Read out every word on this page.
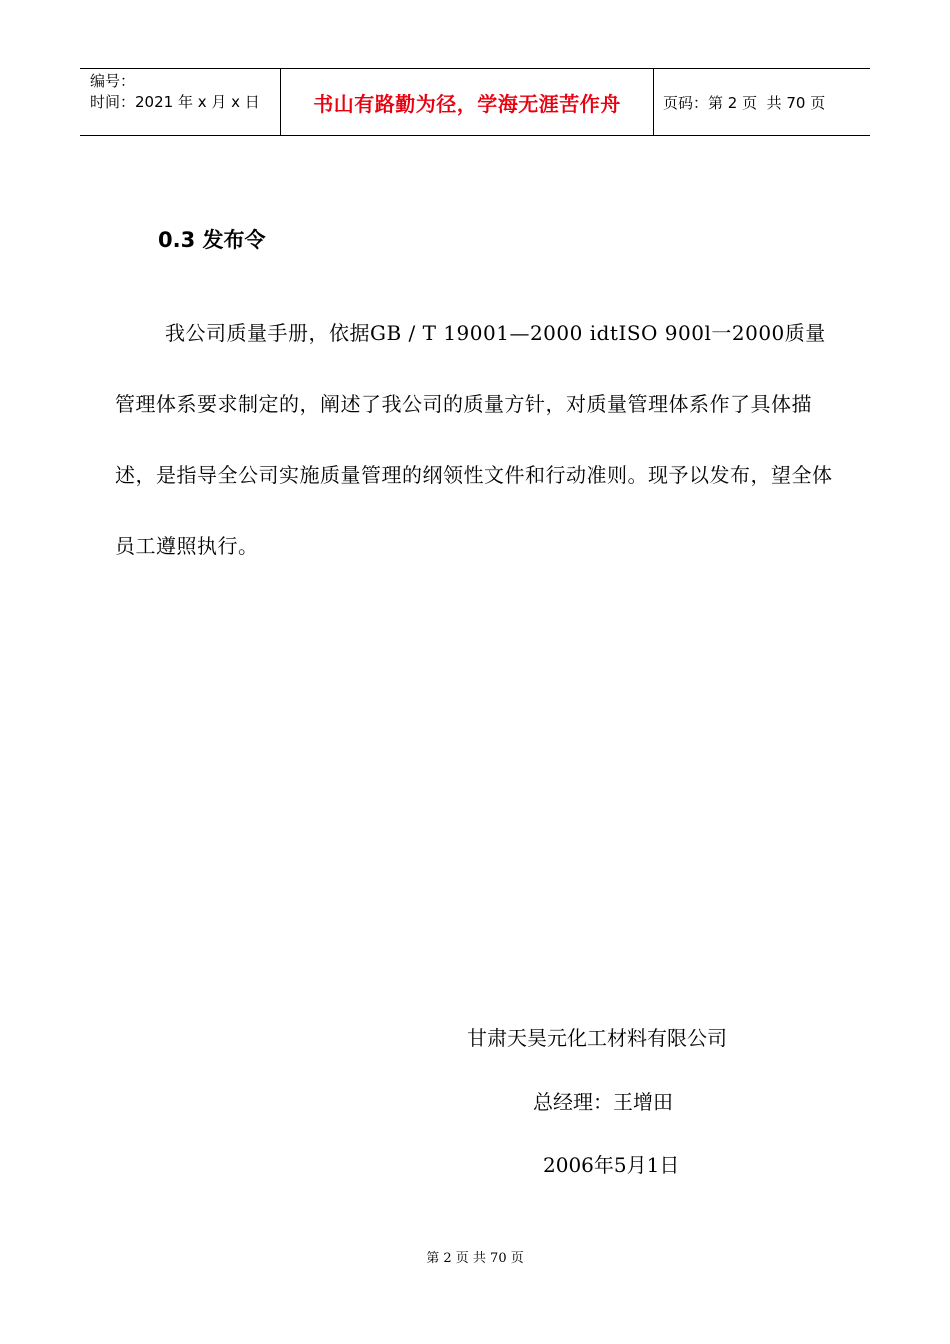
编号：
时间：2021 年 x 月 x 日	书山有路勤为径，学海无涯苦作舟	页码：第 2 页  共 70 页
0.3 发布令

我公司质量手册，依据GB / T 19001—2000 idtISO 900l一2000质量管理体系要求制定的，阐述了我公司的质量方针，对质量管理体系作了具体描述，是指导全公司实施质量管理的纲领性文件和行动准则。现予以发布，望全体员工遵照执行。

甘肃天昊元化工材料有限公司

总经理：王增田

2006年5月1日

第 2 页 共 70 页
